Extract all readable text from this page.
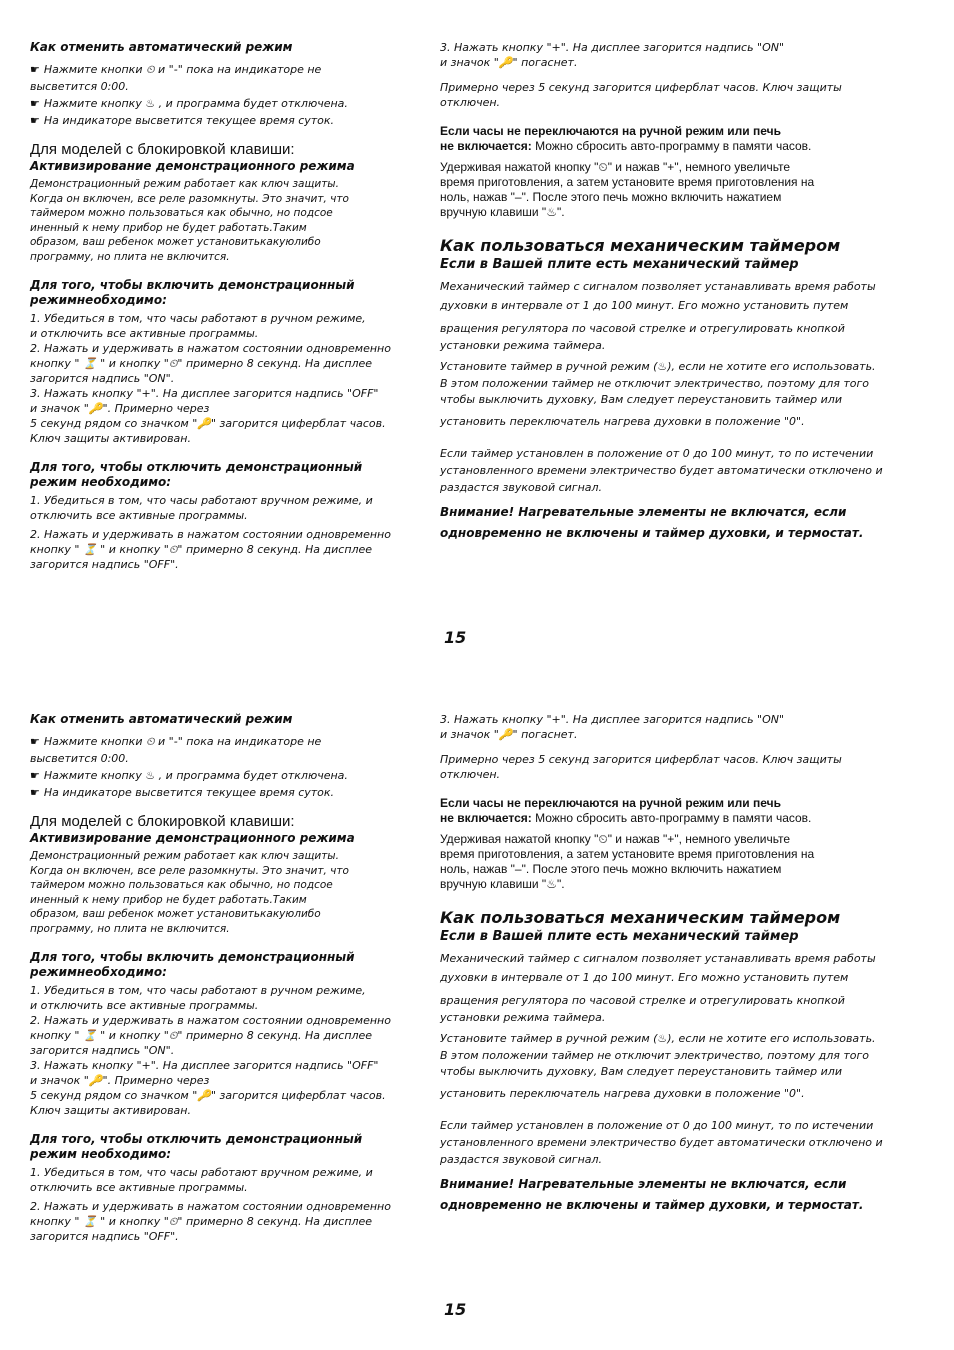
Как отменить автоматический режим

☛ Нажмите кнопки ⏲ и "-" пока на индикаторе не

высветится 0:00.

☛ Нажмите кнопку ♨ , и программа будет отключена.

☛ На индикаторе высветится текущее время суток.

Для моделей с блокировкой клавиши:

Активизирование демонстрационного режима

Демонстрационный режим работает как ключ защиты.

Когда он включен, все реле разомкнуты. Это значит, что

таймером можно пользоваться как обычно, но подсое

иненный к нему прибор не будет работать.Таким

образом, ваш ребенок может установитькакуюлибо

программу, но плита не включится.

Для того, чтобы включить демонстрационный

режимнеобходимо:

1. Убедиться в том, что часы работают в ручном режиме,

и отключить все активные программы.

2. Нажать и удерживать в нажатом состоянии одновременно

кнопку " ⏳ " и кнопку "⏲" примерно 8 секунд. На дисплее

загорится надпись "ON".

3. Нажать кнопку "+". На дисплее загорится надпись "OFF"

и значок "🔑". Примерно через

5 секунд рядом со значком "🔑" загорится циферблат часов.

Ключ защиты активирован.

Для того, чтобы отключить демонстрационный

режим необходимо:

1. Убедиться в том, что часы работают вручном режиме, и

отключить все активные программы.

2. Нажать и удерживать в нажатом состоянии одновременно

кнопку " ⏳ " и кнопку "⏲" примерно 8 секунд. На дисплее

загорится надпись "OFF".

3. Нажать кнопку "+". На дисплее загорится надпись "ON"

и значок "🔑" погаснет.

Примерно через 5 секунд загорится циферблат часов. Ключ защиты

отключен.

Если часы не переключаются на ручной режим или печь

не включается: Можно сбросить авто-программу в памяти часов.

Удерживая нажатой кнопку "⏲" и нажав "+", немного увеличьте

время приготовления, а затем установите время приготовления на

ноль, нажав "–". После этого печь можно включить нажатием

вручную клавиши "♨".

Как пользоваться механическим таймером

Если в Вашей плите есть механический таймер

Механический таймер с сигналом позволяет устанавливать время работы

духовки в интервале от 1 до 100 минут. Его можно установить путем

вращения регулятора по часовой стрелке и отрегулировать кнопкой

установки режима таймера.

Установите таймер в ручной режим (♨), если не хотите его использовать.

В этом положении таймер не отключит электричество, поэтому для того

чтобы выключить духовку, Вам следует переустановить таймер или

установить переключатель нагрева духовки в положение "0".

Если таймер установлен в положение от 0 до 100 минут, то по истечении

установленного времени электричество будет автоматически отключено и

раздастся звуковой сигнал.

Внимание! Нагревательные элементы не включатся, если

одновременно не включены и таймер духовки, и термостат.

15

Как отменить автоматический режим

☛ Нажмите кнопки ⏲ и "-" пока на индикаторе не

высветится 0:00.

☛ Нажмите кнопку ♨ , и программа будет отключена.

☛ На индикаторе высветится текущее время суток.

Для моделей с блокировкой клавиши:

Активизирование демонстрационного режима

Демонстрационный режим работает как ключ защиты.

Когда он включен, все реле разомкнуты. Это значит, что

таймером можно пользоваться как обычно, но подсое

иненный к нему прибор не будет работать.Таким

образом, ваш ребенок может установитькакуюлибо

программу, но плита не включится.

Для того, чтобы включить демонстрационный

режимнеобходимо:

1. Убедиться в том, что часы работают в ручном режиме,

и отключить все активные программы.

2. Нажать и удерживать в нажатом состоянии одновременно

кнопку " ⏳ " и кнопку "⏲" примерно 8 секунд. На дисплее

загорится надпись "ON".

3. Нажать кнопку "+". На дисплее загорится надпись "OFF"

и значок "🔑". Примерно через

5 секунд рядом со значком "🔑" загорится циферблат часов.

Ключ защиты активирован.

Для того, чтобы отключить демонстрационный

режим необходимо:

1. Убедиться в том, что часы работают вручном режиме, и

отключить все активные программы.

2. Нажать и удерживать в нажатом состоянии одновременно

кнопку " ⏳ " и кнопку "⏲" примерно 8 секунд. На дисплее

загорится надпись "OFF".

3. Нажать кнопку "+". На дисплее загорится надпись "ON"

и значок "🔑" погаснет.

Примерно через 5 секунд загорится циферблат часов. Ключ защиты

отключен.

Если часы не переключаются на ручной режим или печь

не включается: Можно сбросить авто-программу в памяти часов.

Удерживая нажатой кнопку "⏲" и нажав "+", немного увеличьте

время приготовления, а затем установите время приготовления на

ноль, нажав "–". После этого печь можно включить нажатием

вручную клавиши "♨".

Как пользоваться механическим таймером

Если в Вашей плите есть механический таймер

Механический таймер с сигналом позволяет устанавливать время работы

духовки в интервале от 1 до 100 минут. Его можно установить путем

вращения регулятора по часовой стрелке и отрегулировать кнопкой

установки режима таймера.

Установите таймер в ручной режим (♨), если не хотите его использовать.

В этом положении таймер не отключит электричество, поэтому для того

чтобы выключить духовку, Вам следует переустановить таймер или

установить переключатель нагрева духовки в положение "0".

Если таймер установлен в положение от 0 до 100 минут, то по истечении

установленного времени электричество будет автоматически отключено и

раздастся звуковой сигнал.

Внимание! Нагревательные элементы не включатся, если

одновременно не включены и таймер духовки, и термостат.

15
